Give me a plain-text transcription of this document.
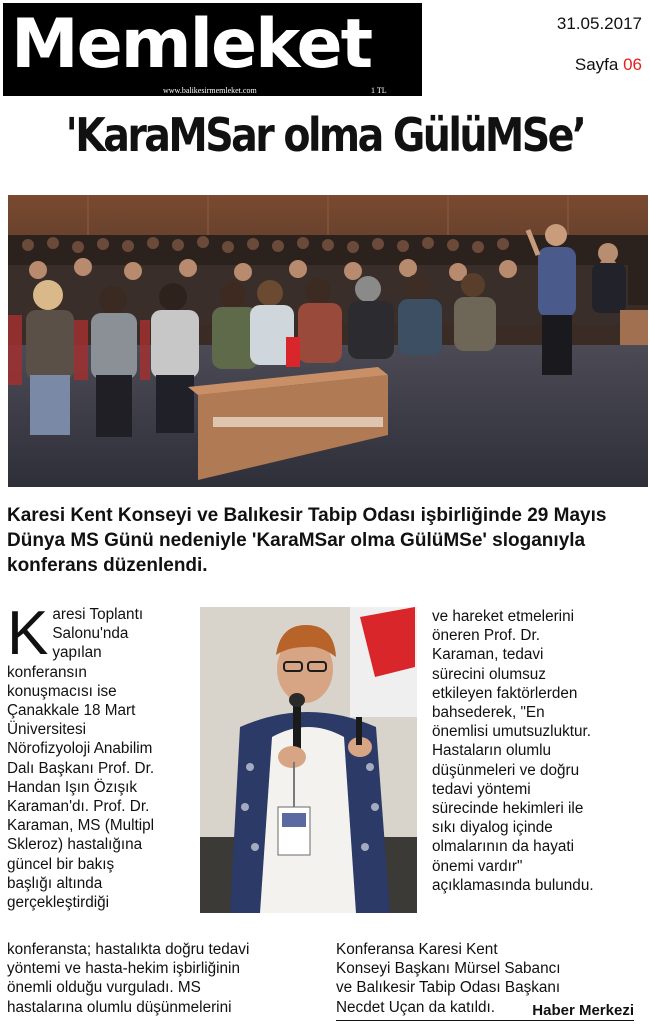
Memleket
www.balikesirmemleket.com	1 TL
31.05.2017
Sayfa 06
'KaraMSar olma GülüMSe’
Karesi Kent Konseyi ve Balıkesir Tabip Odası işbirliğinde 29 Mayıs Dünya MS Günü nedeniyle 'KaraMSar olma GülüMSe' sloganıyla konferans düzenlendi.
K aresi Toplantı
Salonu'nda
yapılan
konferansın
konuşmacısı ise
Çanakkale 18 Mart
Üniversitesi
Nörofizyoloji Anabilim
Dalı Başkanı Prof. Dr.
Handan Işın Özışık
Karaman'dı. Prof. Dr.
Karaman, MS (Multipl
Skleroz) hastalığına
güncel bir bakış
başlığı altında
gerçekleştirdiği
ve hareket etmelerini
öneren Prof. Dr.
Karaman, tedavi
sürecini olumsuz
etkileyen faktörlerden
bahsederek, "En
önemlisi umutsuzluktur.
Hastaların olumlu
düşünmeleri ve doğru
tedavi yöntemi
sürecinde hekimleri ile
sıkı diyalog içinde
olmalarının da hayati
önemi vardır"
açıklamasında bulundu.
konferansta; hastalıkta doğru tedavi
yöntemi ve hasta-hekim işbirliğinin
önemli olduğu vurguladı. MS
hastalarına olumlu düşünmelerini
Konferansa Karesi Kent
Konseyi Başkanı Mürsel Sabancı
ve Balıkesir Tabip Odası Başkanı
Necdet Uçan da katıldı.	Haber Merkezi
